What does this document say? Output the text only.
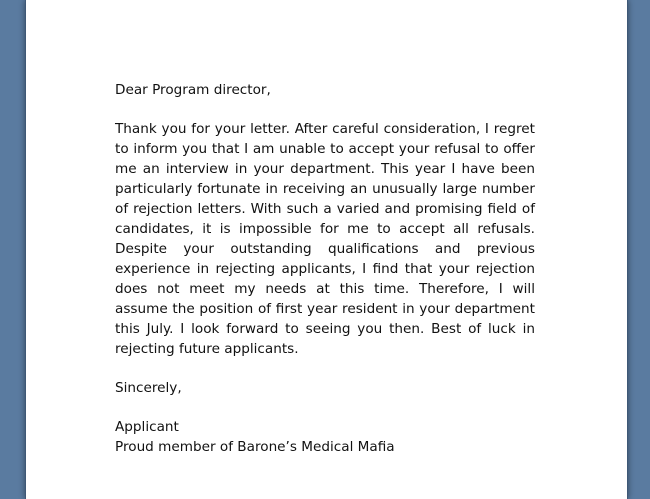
Dear Program director,

Thank you for your letter. After careful consideration, I regret to inform you that I am unable to accept your refusal to offer me an interview in your department. This year I have been particularly fortunate in receiving an unusually large number of rejection letters. With such a varied and promising field of candidates, it is impossible for me to accept all refusals. Despite your outstanding qualifications and previous experience in rejecting applicants, I find that your rejection does not meet my needs at this time. Therefore, I will assume the position of first year resident in your department this July. I look forward to seeing you then. Best of luck in rejecting future applicants.

Sincerely,

Applicant
Proud member of Barone’s Medical Mafia
